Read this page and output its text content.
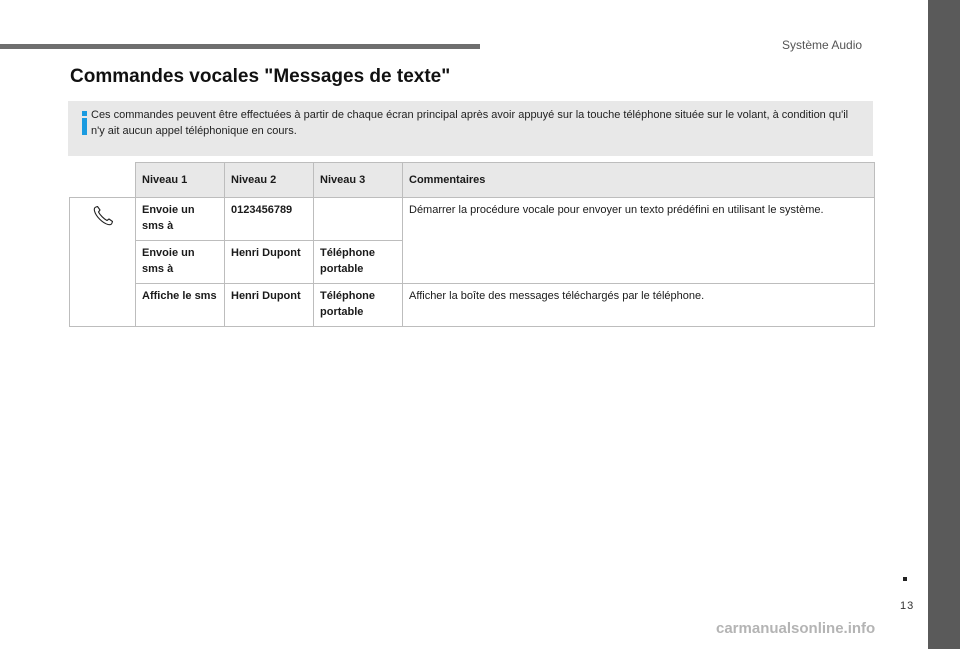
Système Audio
Commandes vocales "Messages de texte"

Ces commandes peuvent être effectuées à partir de chaque écran principal après avoir appuyé sur la touche téléphone située sur le volant, à condition qu'il n'y ait aucun appel téléphonique en cours.

	Niveau 1	Niveau 2	Niveau 3	Commentaires
	Envoie un sms à	0123456789		Démarrer la procédure vocale pour envoyer un texto prédéfini en utilisant le système.
	Envoie un sms à	Henri Dupont	Téléphone portable	
	Affiche le sms	Henri Dupont	Téléphone portable	Afficher la boîte des messages téléchargés par le téléphone.
13
carmanualsonline.info
